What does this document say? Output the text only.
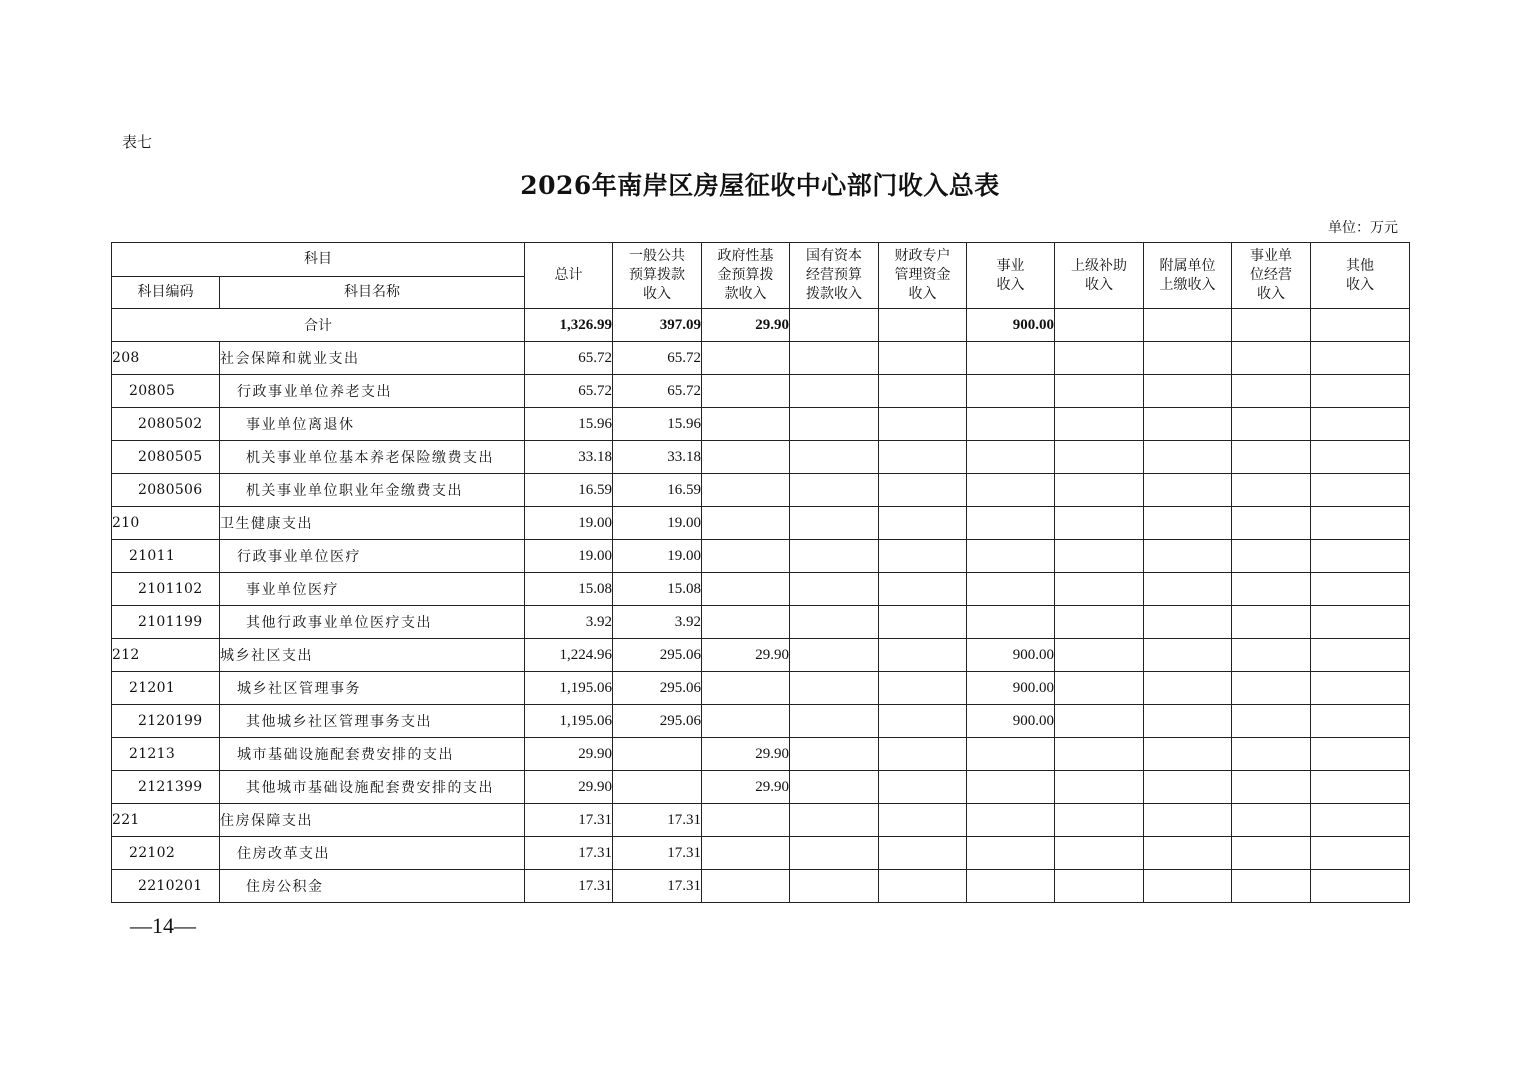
表七
2026年南岸区房屋征收中心部门收入总表
单位：万元
科目		总计	一般公共预算拨款收入	政府性基金预算拨款收入	国有资本经营预算拨款收入	财政专户管理资金收入	事业收入	上级补助收入	附属单位上缴收入	事业单位经营收入	其他收入

科目编码	科目名称										
合计		1,326.99	397.09	29.90			900.00				
208	社会保障和就业支出	65.72	65.72								
20805	行政事业单位养老支出	65.72	65.72								
2080502	事业单位离退休	15.96	15.96								
2080505	机关事业单位基本养老保险缴费支出	33.18	33.18								
2080506	机关事业单位职业年金缴费支出	16.59	16.59								
210	卫生健康支出	19.00	19.00								
21011	行政事业单位医疗	19.00	19.00								
2101102	事业单位医疗	15.08	15.08								
2101199	其他行政事业单位医疗支出	3.92	3.92								
212	城乡社区支出	1,224.96	295.06	29.90			900.00				
21201	城乡社区管理事务	1,195.06	295.06				900.00				
2120199	其他城乡社区管理事务支出	1,195.06	295.06				900.00				
21213	城市基础设施配套费安排的支出	29.90		29.90							
2121399	其他城市基础设施配套费安排的支出	29.90		29.90							
221	住房保障支出	17.31	17.31								
22102	住房改革支出	17.31	17.31								
2210201	住房公积金	17.31	17.31								
—14—
